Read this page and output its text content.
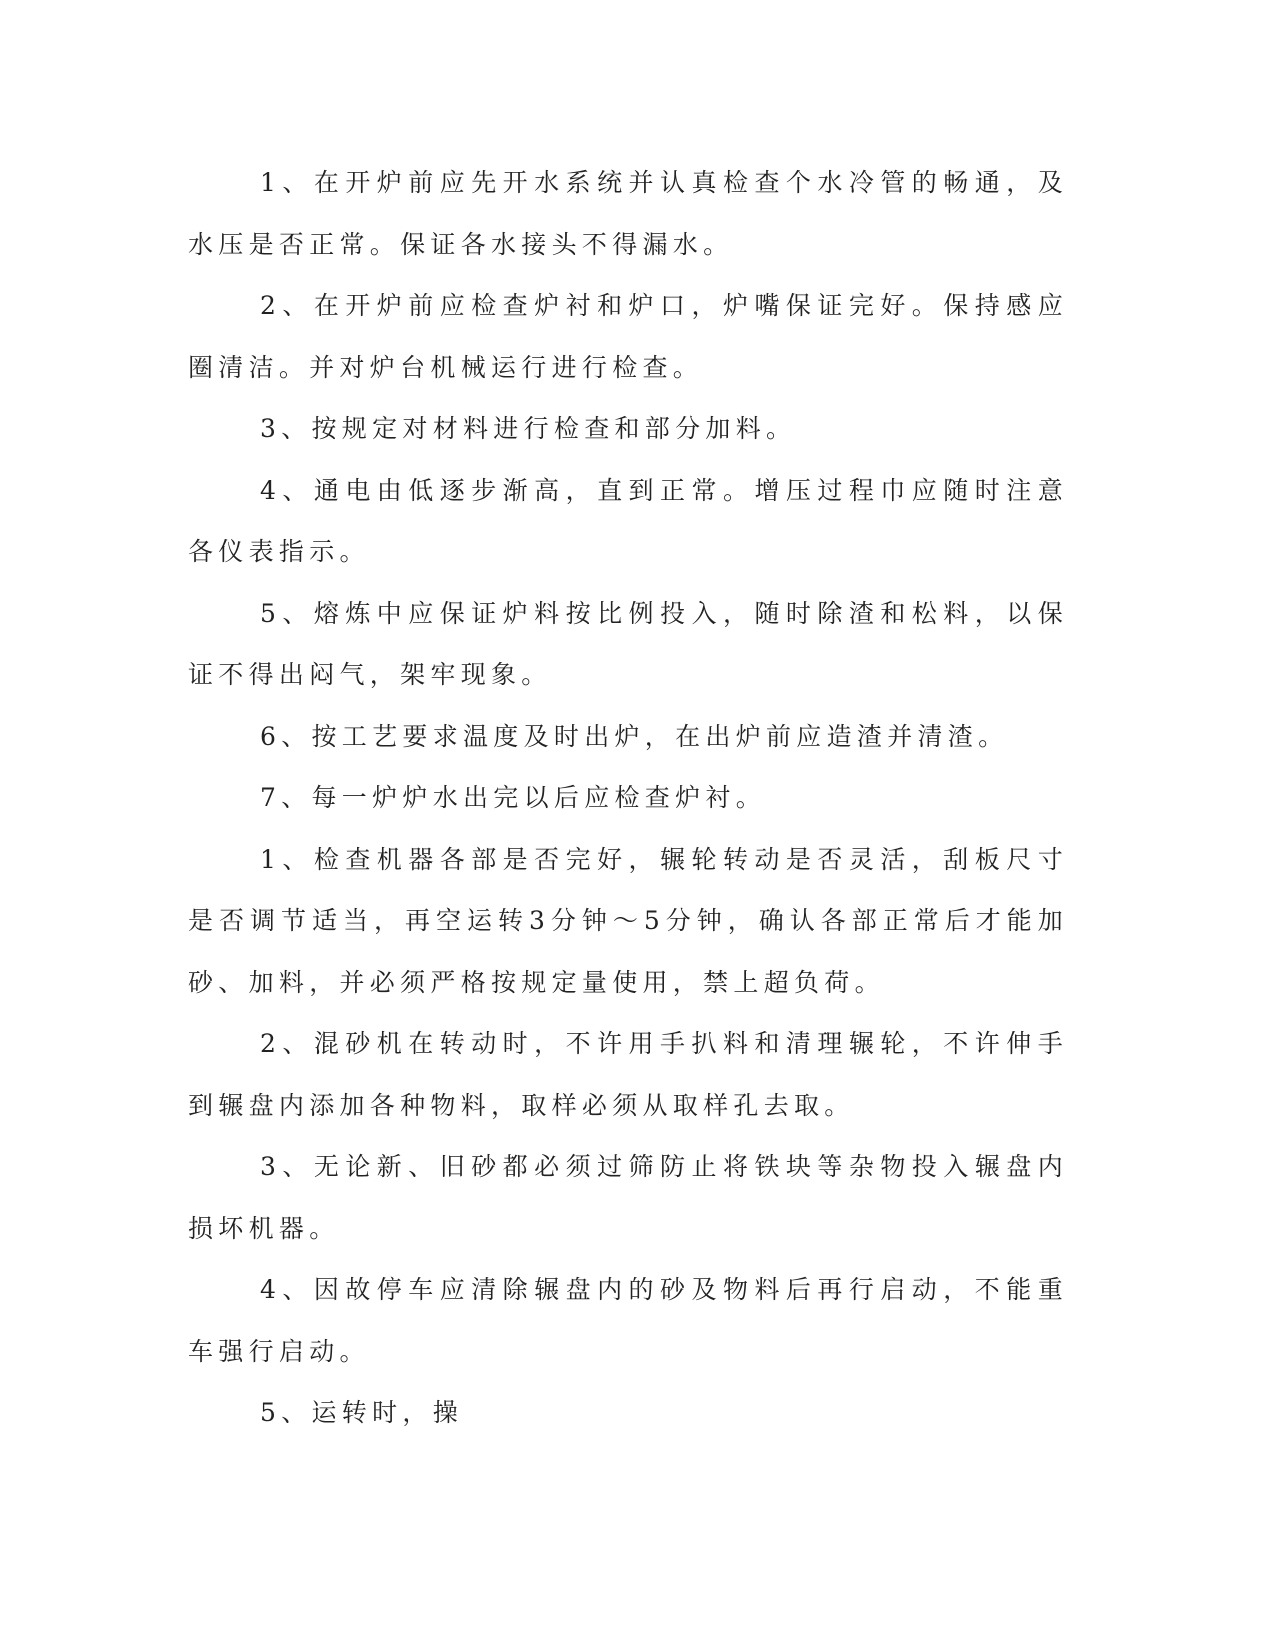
1、在开炉前应先开水系统并认真检查个水冷管的畅通，及水压是否正常。保证各水接头不得漏水。

2、在开炉前应检查炉衬和炉口，炉嘴保证完好。保持感应圈清洁。并对炉台机械运行进行检查。

3、按规定对材料进行检查和部分加料。

4、通电由低逐步渐高，直到正常。增压过程巾应随时注意各仪表指示。

5、熔炼中应保证炉料按比例投入，随时除渣和松料，以保证不得出闷气，架牢现象。

6、按工艺要求温度及时出炉，在出炉前应造渣并清渣。

7、每一炉炉水出完以后应检查炉衬。

1、检查机器各部是否完好，辗轮转动是否灵活，刮板尺寸是否调节适当，再空运转3分钟～5分钟，确认各部正常后才能加砂、加料，并必须严格按规定量使用，禁上超负荷。

2、混砂机在转动时，不许用手扒料和清理辗轮，不许伸手到辗盘内添加各种物料，取样必须从取样孔去取。

3、无论新、旧砂都必须过筛防止将铁块等杂物投入辗盘内损坏机器。

4、因故停车应清除辗盘内的砂及物料后再行启动，不能重车强行启动。

5、运转时，操
